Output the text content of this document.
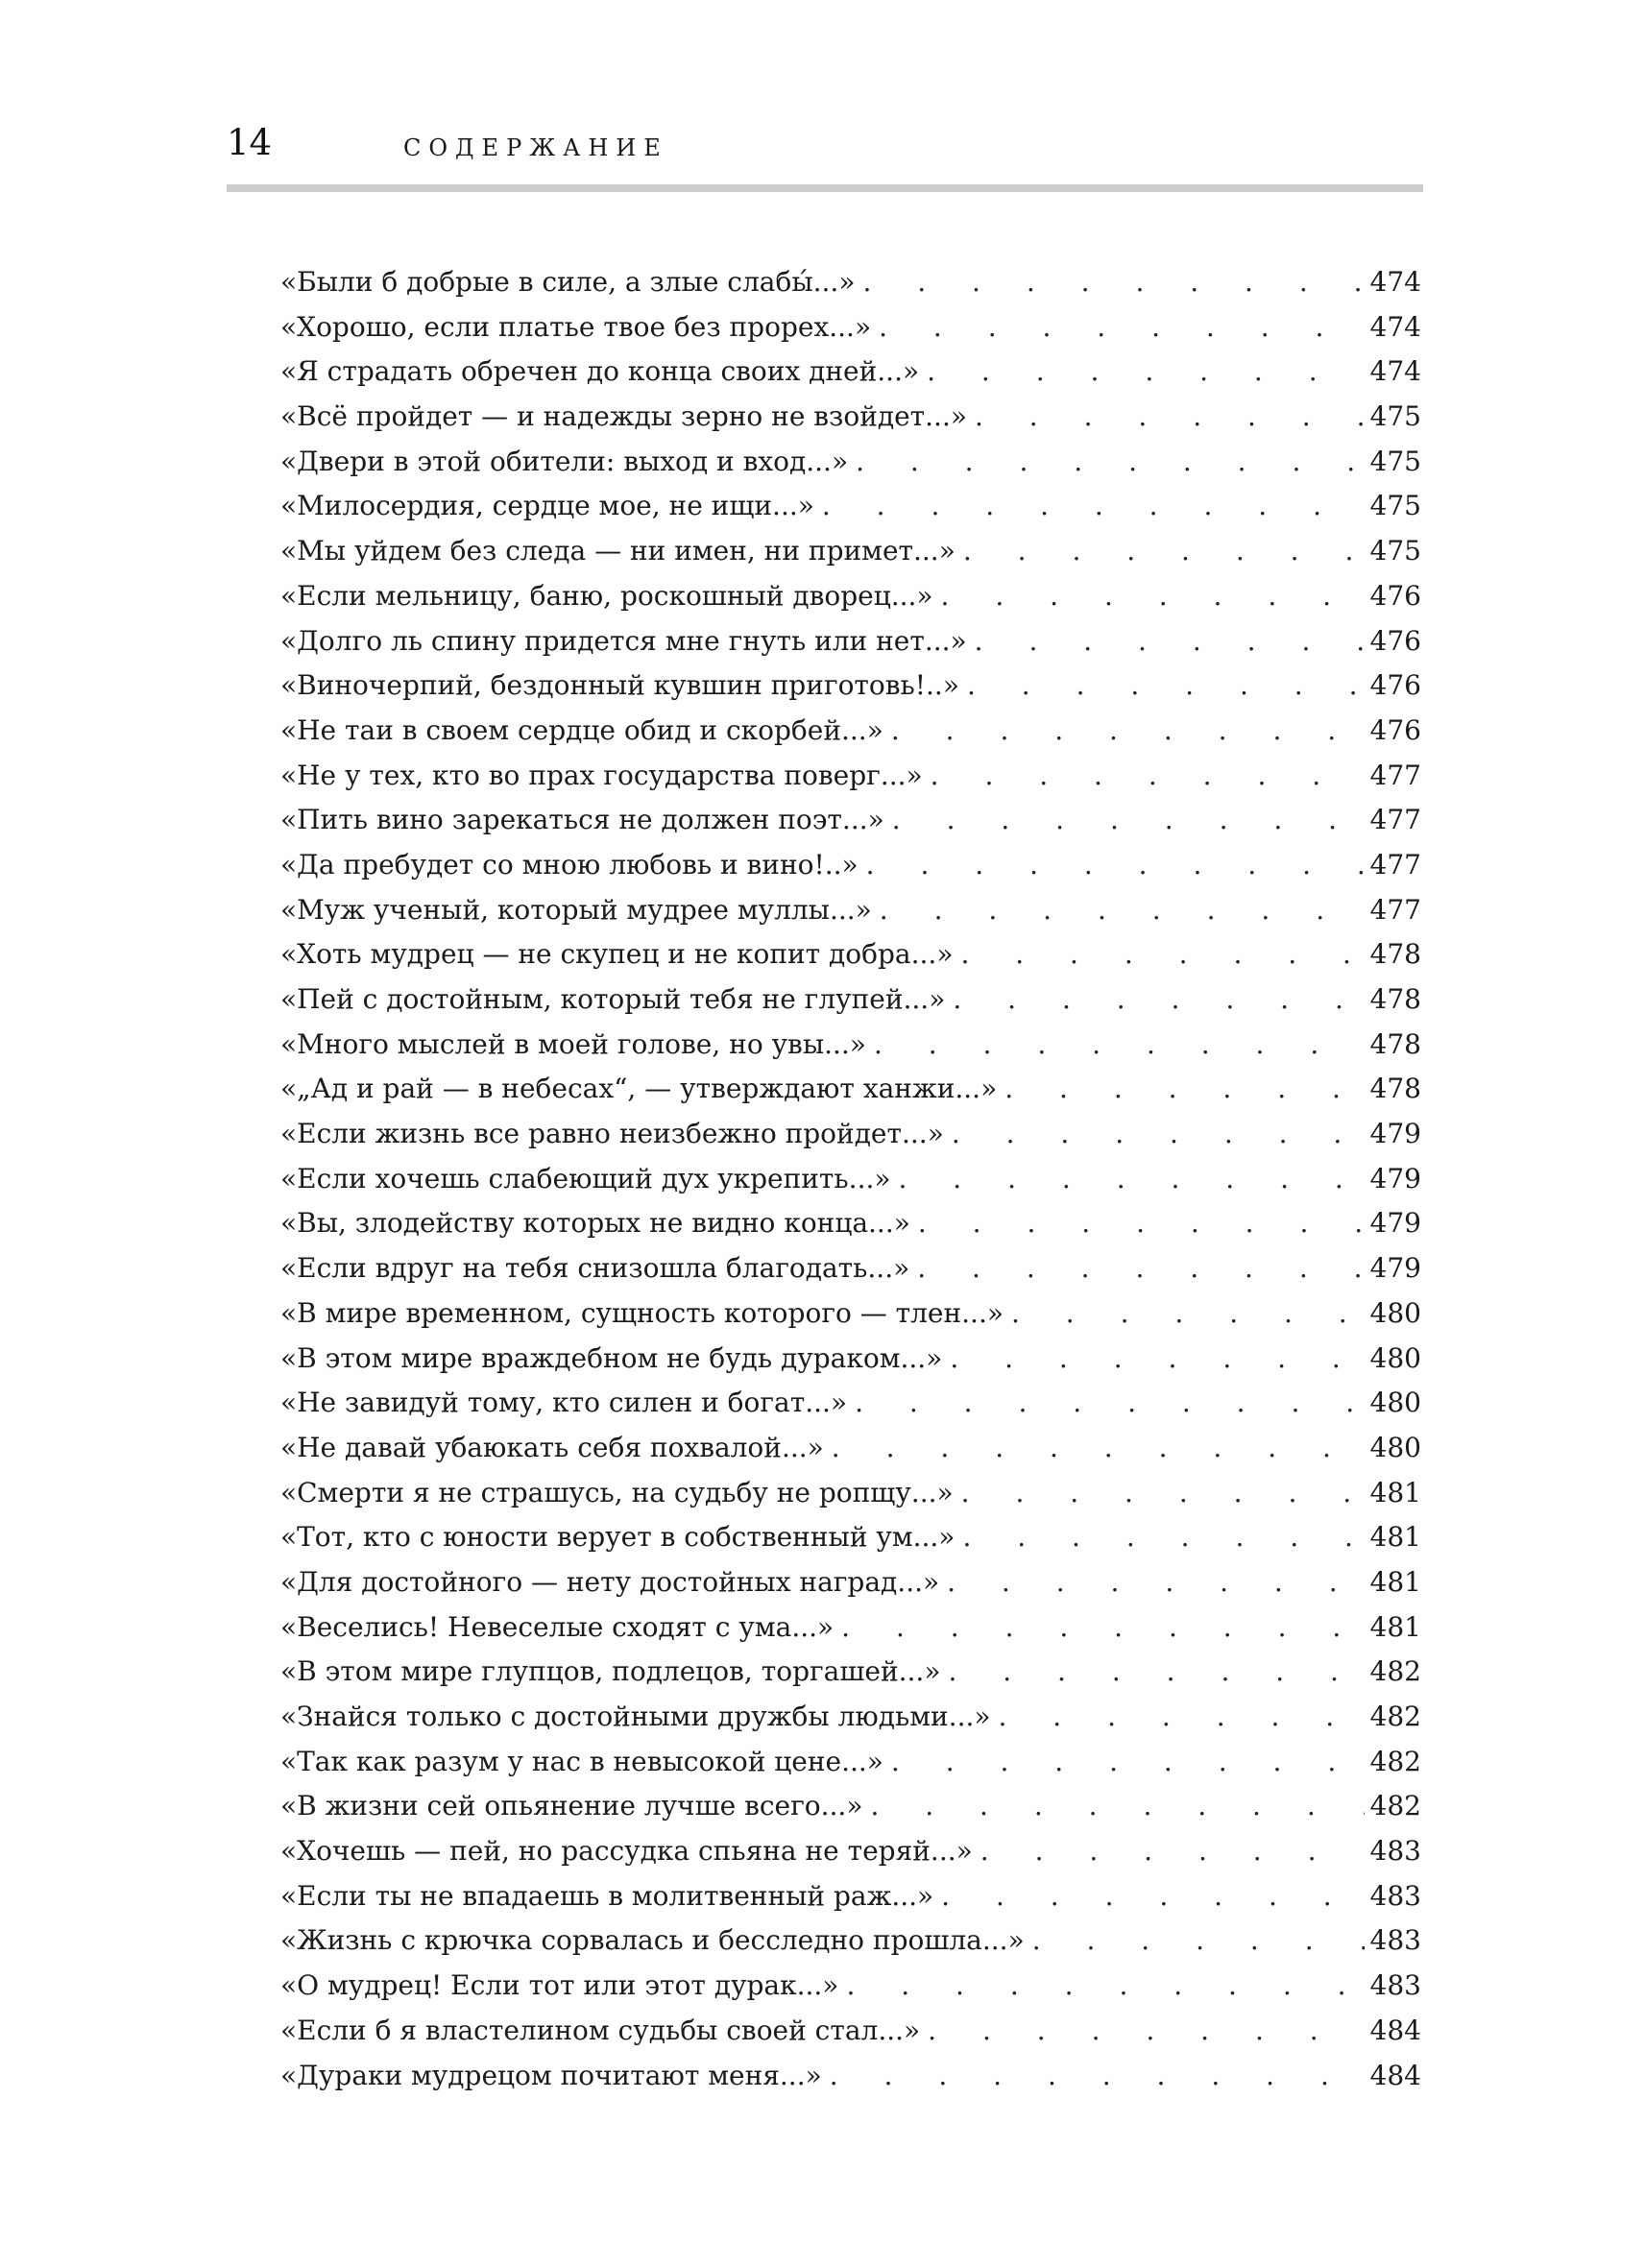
14	СОДЕРЖАНИЕ
«Были б добрые в силе, а злые слабы́...» . . .	474
«Хорошо, если платье твое без прорех...» . . .	474
«Я страдать обречен до конца своих дней...» . . .	474
«Всё пройдет — и надежды зерно не взойдет...» . . .	475
«Двери в этой обители: выход и вход...» . . .	475
«Милосердия, сердце мое, не ищи...» . . .	475
«Мы уйдем без следа — ни имен, ни примет...» . . .	475
«Если мельницу, баню, роскошный дворец...» . . .	476
«Долго ль спину придется мне гнуть или нет...» . . .	476
«Виночерпий, бездонный кувшин приготовь!..» . . .	476
«Не таи в своем сердце обид и скорбей...» . . .	476
«Не у тех, кто во прах государства поверг...» . . .	477
«Пить вино зарекаться не должен поэт...» . . .	477
«Да пребудет со мною любовь и вино!..» . . .	477
«Муж ученый, который мудрее муллы...» . . .	477
«Хоть мудрец — не скупец и не копит добра...» . . .	478
«Пей с достойным, который тебя не глупей...» . . .	478
«Много мыслей в моей голове, но увы...» . . .	478
«„Ад и рай — в небесах“, — утверждают ханжи...» . . .	478
«Если жизнь все равно неизбежно пройдет...» . . .	479
«Если хочешь слабеющий дух укрепить...» . . .	479
«Вы, злодейству которых не видно конца...» . . .	479
«Если вдруг на тебя снизошла благодать...» . . .	479
«В мире временном, сущность которого — тлен...» . . .	480
«В этом мире враждебном не будь дураком...» . . .	480
«Не завидуй тому, кто силен и богат...» . . .	480
«Не давай убаюкать себя похвалой...» . . .	480
«Смерти я не страшусь, на судьбу не ропщу...» . . .	481
«Тот, кто с юности верует в собственный ум...» . . .	481
«Для достойного — нету достойных наград...» . . .	481
«Веселись! Невеселые сходят с ума...» . . .	481
«В этом мире глупцов, подлецов, торгашей...» . . .	482
«Знайся только с достойными дружбы людьми...» . . .	482
«Так как разум у нас в невысокой цене...» . . .	482
«В жизни сей опьянение лучше всего...» . . .	482
«Хочешь — пей, но рассудка спьяна не теряй...» . . .	483
«Если ты не впадаешь в молитвенный раж...» . . .	483
«Жизнь с крючка сорвалась и бесследно прошла...» . . .	483
«О мудрец! Если тот или этот дурак...» . . .	483
«Если б я властелином судьбы своей стал...» . . .	484
«Дураки мудрецом почитают меня...» . . .	484
